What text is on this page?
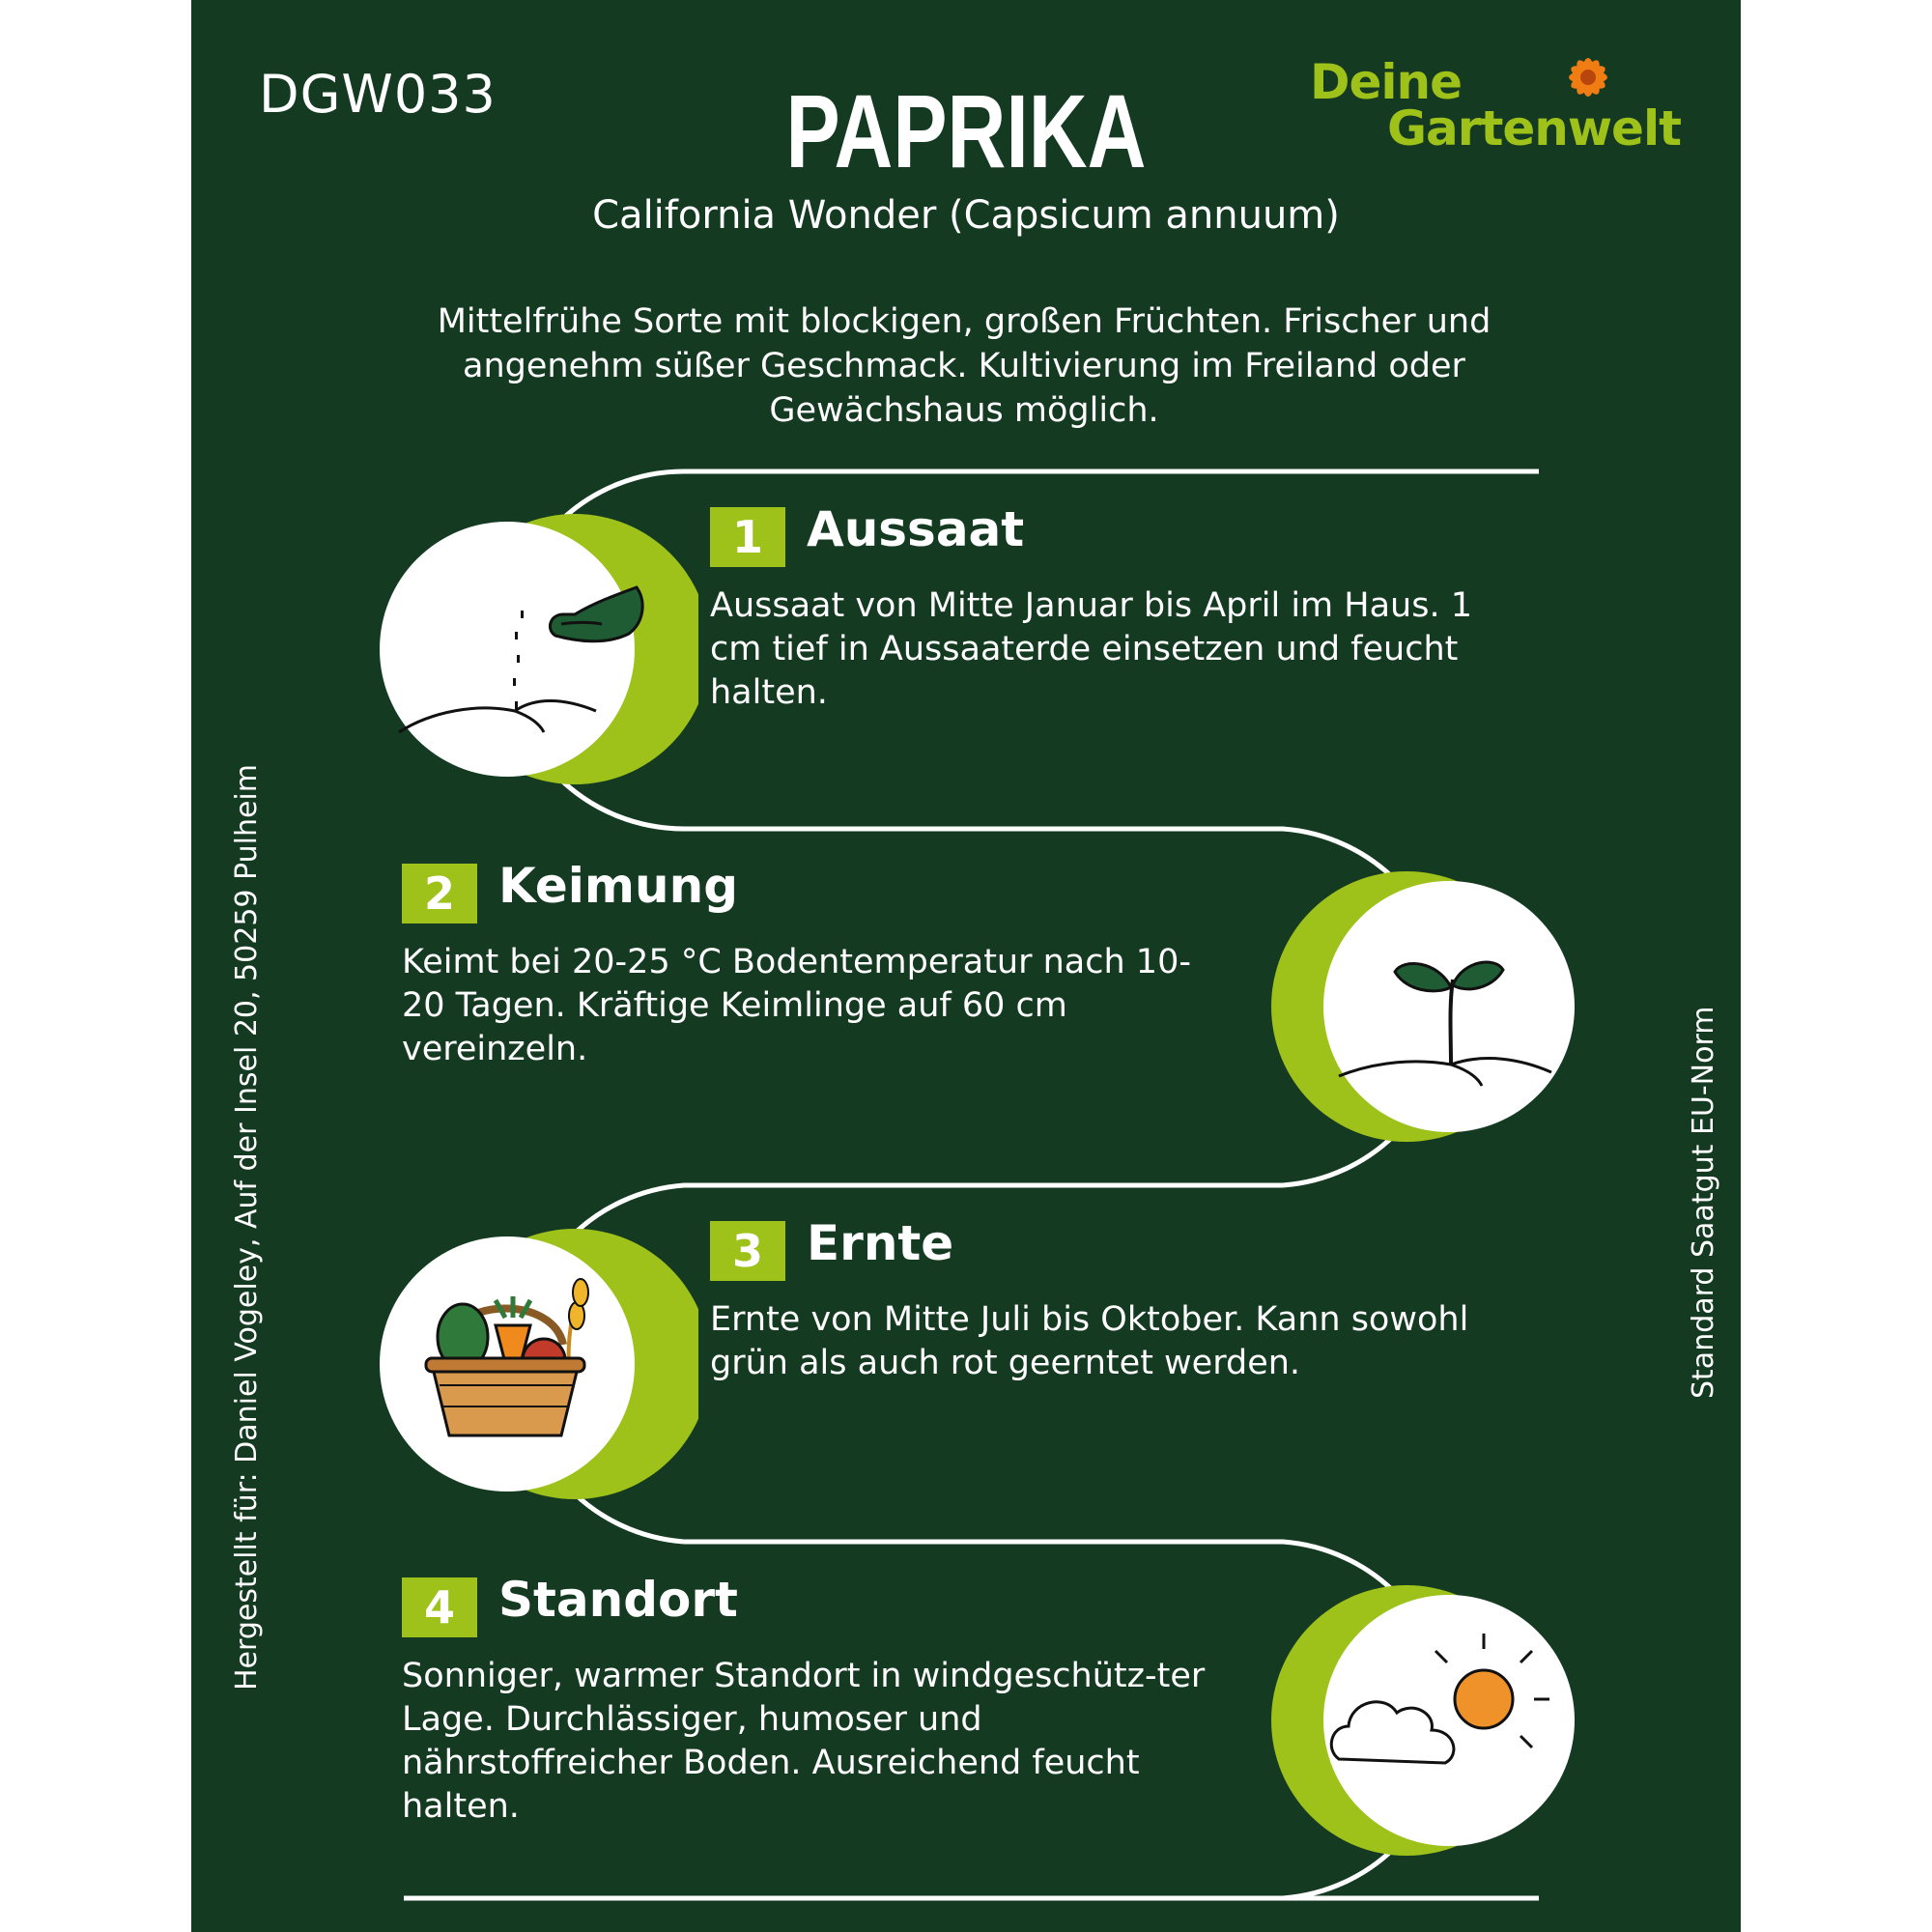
DGW033	PAPRIKA
California Wonder (Capsicum annuum)
Mittelfrühe Sorte mit blockigen, großen Früchten. Frischer und angenehm süßer Geschmack. Kultivierung im Freiland oder Gewächshaus möglich.
Deine
Gartenwelt
1 Aussaat
Aussaat von Mitte Januar bis April im Haus. 1 cm tief in Aussaaterde einsetzen und feucht halten.
2 Keimung
Keimt bei 20-25 °C Bodentemperatur nach 10-20 Tagen. Kräftige Keimlinge auf 60 cm vereinzeln.
3 Ernte
Ernte von Mitte Juli bis Oktober. Kann sowohl grün als auch rot geerntet werden.
4 Standort
Sonniger, warmer Standort in windgeschütz-ter Lage. Durchlässiger, humoser und nährstoffreicher Boden. Ausreichend feucht halten.
Hergestellt für: Daniel Vogeley, Auf der Insel 20, 50259 Pulheim	Standard Saatgut EU-Norm
